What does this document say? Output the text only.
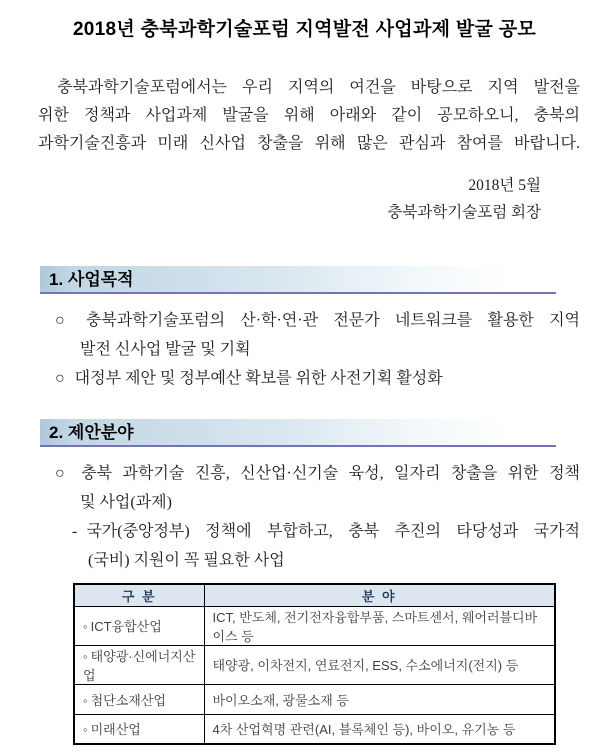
2018년 충북과학기술포럼 지역발전 사업과제 발굴 공모
충북과학기술포럼에서는 우리 지역의 여건을 바탕으로 지역 발전을
위한 정책과 사업과제 발굴을 위해 아래와 같이 공모하오니, 충북의
과학기술진흥과 미래 신사업 창출을 위해 많은 관심과 참여를 바랍니다.
2018년 5월
충북과학기술포럼 회장
1. 사업목적
○ 충북과학기술포럼의 산·학·연·관 전문가 네트워크를 활용한 지역
발전 신사업 발굴 및 기획
○ 대정부 제안 및 정부예산 확보를 위한 사전기획 활성화
2. 제안분야
○ 충북 과학기술 진흥, 신산업·신기술 육성, 일자리 창출을 위한 정책
및 사업(과제)
- 국가(중앙정부) 정책에 부합하고, 충북 추진의 타당성과 국가적
(국비) 지원이 꼭 필요한 사업
구 분	분 야
◦ ICT융합산업	ICT, 반도체, 전기전자융합부품, 스마트센서, 웨어러블디바이스 등
◦ 태양광·신에너지산업	태양광, 이차전지, 연료전지, ESS, 수소에너지(전지) 등
◦ 첨단소재산업	바이오소재, 광물소재 등
◦ 미래산업	4차 산업혁명 관련(AI, 블록체인 등), 바이오, 유기농 등
